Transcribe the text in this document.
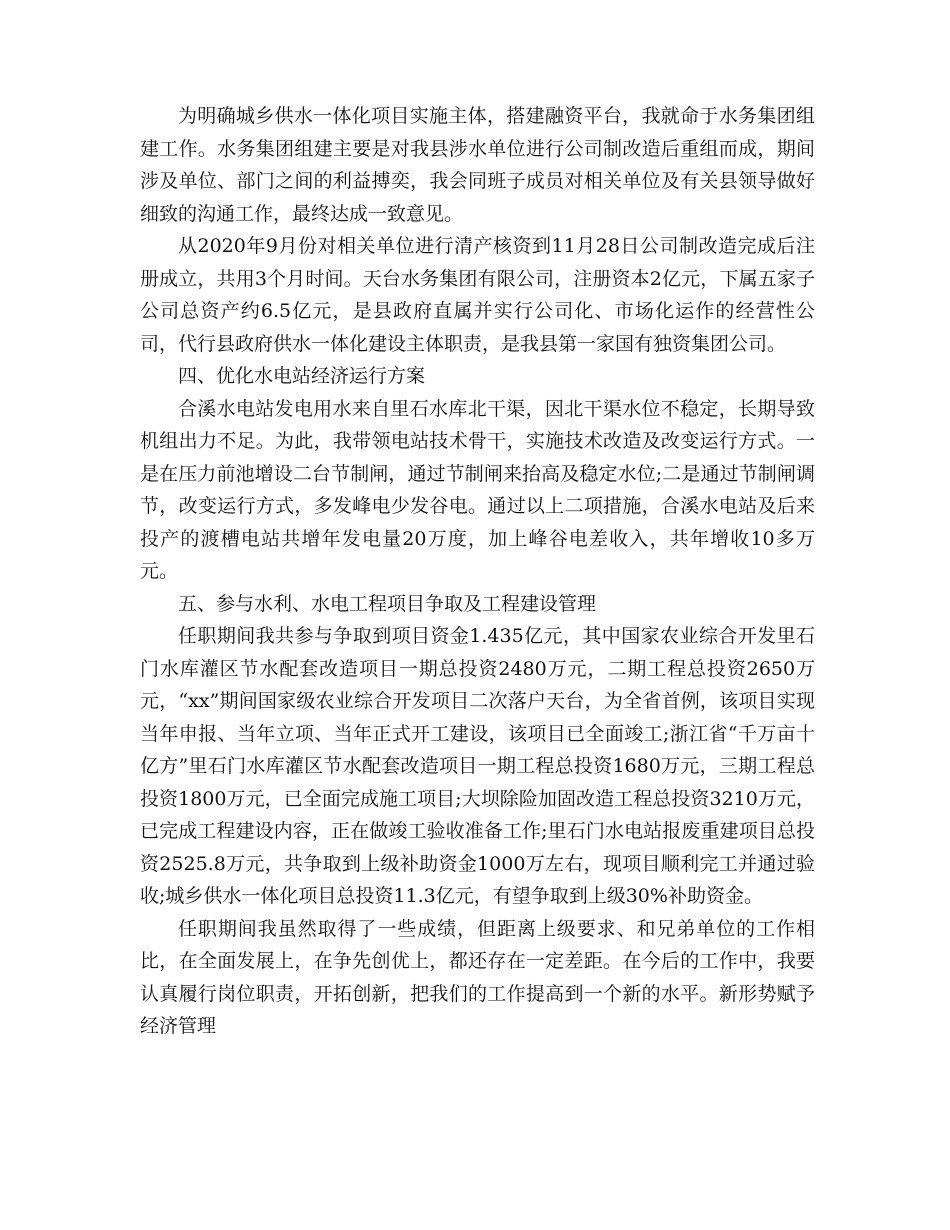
为明确城乡供水一体化项目实施主体，搭建融资平台，我就命于水务集团组建工作。水务集团组建主要是对我县涉水单位进行公司制改造后重组而成，期间涉及单位、部门之间的利益搏奕，我会同班子成员对相关单位及有关县领导做好细致的沟通工作，最终达成一致意见。

从2020年9月份对相关单位进行清产核资到11月28日公司制改造完成后注册成立，共用3个月时间。天台水务集团有限公司，注册资本2亿元，下属五家子公司总资产约6.5亿元，是县政府直属并实行公司化、市场化运作的经营性公司，代行县政府供水一体化建设主体职责，是我县第一家国有独资集团公司。

四、优化水电站经济运行方案

合溪水电站发电用水来自里石水库北干渠，因北干渠水位不稳定，长期导致机组出力不足。为此，我带领电站技术骨干，实施技术改造及改变运行方式。一是在压力前池增设二台节制闸，通过节制闸来抬高及稳定水位;二是通过节制闸调节，改变运行方式，多发峰电少发谷电。通过以上二项措施，合溪水电站及后来投产的渡槽电站共增年发电量20万度，加上峰谷电差收入，共年增收10多万元。

五、参与水利、水电工程项目争取及工程建设管理

任职期间我共参与争取到项目资金1.435亿元，其中国家农业综合开发里石门水库灌区节水配套改造项目一期总投资2480万元，二期工程总投资2650万元，“xx”期间国家级农业综合开发项目二次落户天台，为全省首例，该项目实现当年申报、当年立项、当年正式开工建设，该项目已全面竣工;浙江省“千万亩十亿方”里石门水库灌区节水配套改造项目一期工程总投资1680万元，三期工程总投资1800万元，已全面完成施工项目;大坝除险加固改造工程总投资3210万元，已完成工程建设内容，正在做竣工验收准备工作;里石门水电站报废重建项目总投资2525.8万元，共争取到上级补助资金1000万左右，现项目顺利完工并通过验收;城乡供水一体化项目总投资11.3亿元，有望争取到上级30%补助资金。

任职期间我虽然取得了一些成绩，但距离上级要求、和兄弟单位的工作相比，在全面发展上，在争先创优上，都还存在一定差距。在今后的工作中，我要认真履行岗位职责，开拓创新，把我们的工作提高到一个新的水平。新形势赋予经济管理
